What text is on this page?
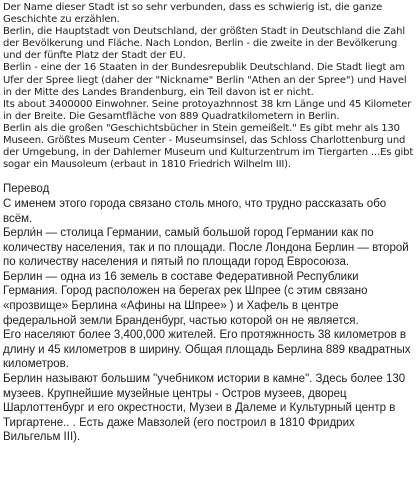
Der Name dieser Stadt ist so sehr verbunden, dass es schwierig ist, die ganze Geschichte zu erzählen.

Berlin, die Hauptstadt von Deutschland, der größten Stadt in Deutschland die Zahl der Bevölkerung und Fläche. Nach London, Berlin - die zweite in der Bevölkerung und der fünfte Platz der Stadt der EU.

Berlin - eine der 16 Staaten in der Bundesrepublik Deutschland. Die Stadt liegt am Ufer der Spree liegt (daher der "Nickname" Berlin "Athen an der Spree") und Havel in der Mitte des Landes Brandenburg, ein Teil davon ist er nicht.

Its about 3400000 Einwohner. Seine protoyazhnnost 38 km Länge und 45 Kilometer in der Breite. Die Gesamtfläche von 889 Quadratkilometern in Berlin.

Berlin als die großen "Geschichtsbücher in Stein gemeißelt." Es gibt mehr als 130 Museen. Größtes Museum Center - Museumsinsel, das Schloss Charlottenburg und der Umgebung, in der Dahlemer Museum und Kulturzentrum im Tiergarten ...Es gibt sogar ein Mausoleum (erbaut in 1810 Friedrich Wilhelm III).

Перевод

С именем этого города связано столь много, что трудно рассказать обо всём.

Берли́н — столица Германии, самый большой город Германии как по количеству населения, так и по площади. После Лондона Берлин — второй по количеству населения и пятый по площади город Евросоюза.

Берлин — одна из 16 земель в составе Федеративной Республики Германия. Город расположен на берегах рек Шпрее (с этим связано «прозвище» Берлина «Афины на Шпрее» ) и Хафель в центре федеральной земли Бранденбург, частью которой он не является.

Его населяют более 3,400,000 жителей. Его протяжнность 38 километров в длину и 45 километров в ширину. Общая площадь Берлина 889 квадратных километров.

Берлин называют большим "учебником истории в камне". Здесь более 130 музеев. Крупнейшие музейные центры - Остров музеев, дворец Шарлоттенбург и его окрестности, Музеи в Далеме и Культурный центр в Тиргартене.. . Есть даже Мавзолей (его построил в 1810 Фридрих Вильгельм III).
